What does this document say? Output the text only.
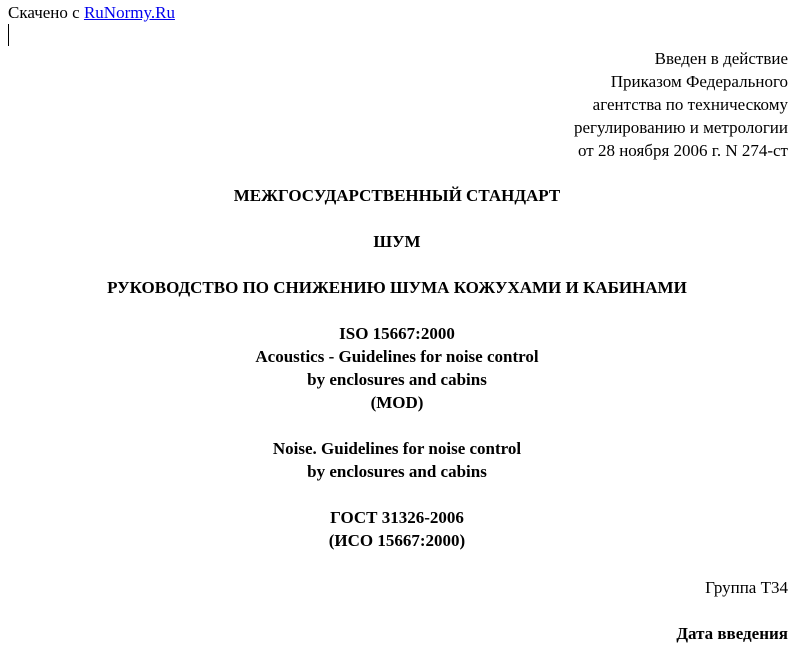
Скачено с RuNormy.Ru
Введен в действие
Приказом Федерального
агентства по техническому
регулированию и метрологии
от 28 ноября 2006 г. N 274-ст
МЕЖГОСУДАРСТВЕННЫЙ СТАНДАРТ
ШУМ
РУКОВОДСТВО ПО СНИЖЕНИЮ ШУМА КОЖУХАМИ И КАБИНАМИ
ISO 15667:2000
Acoustics - Guidelines for noise control
by enclosures and cabins
(MOD)
Noise. Guidelines for noise control
by enclosures and cabins
ГОСТ 31326-2006
(ИСО 15667:2000)
Группа Т34
Дата введения
